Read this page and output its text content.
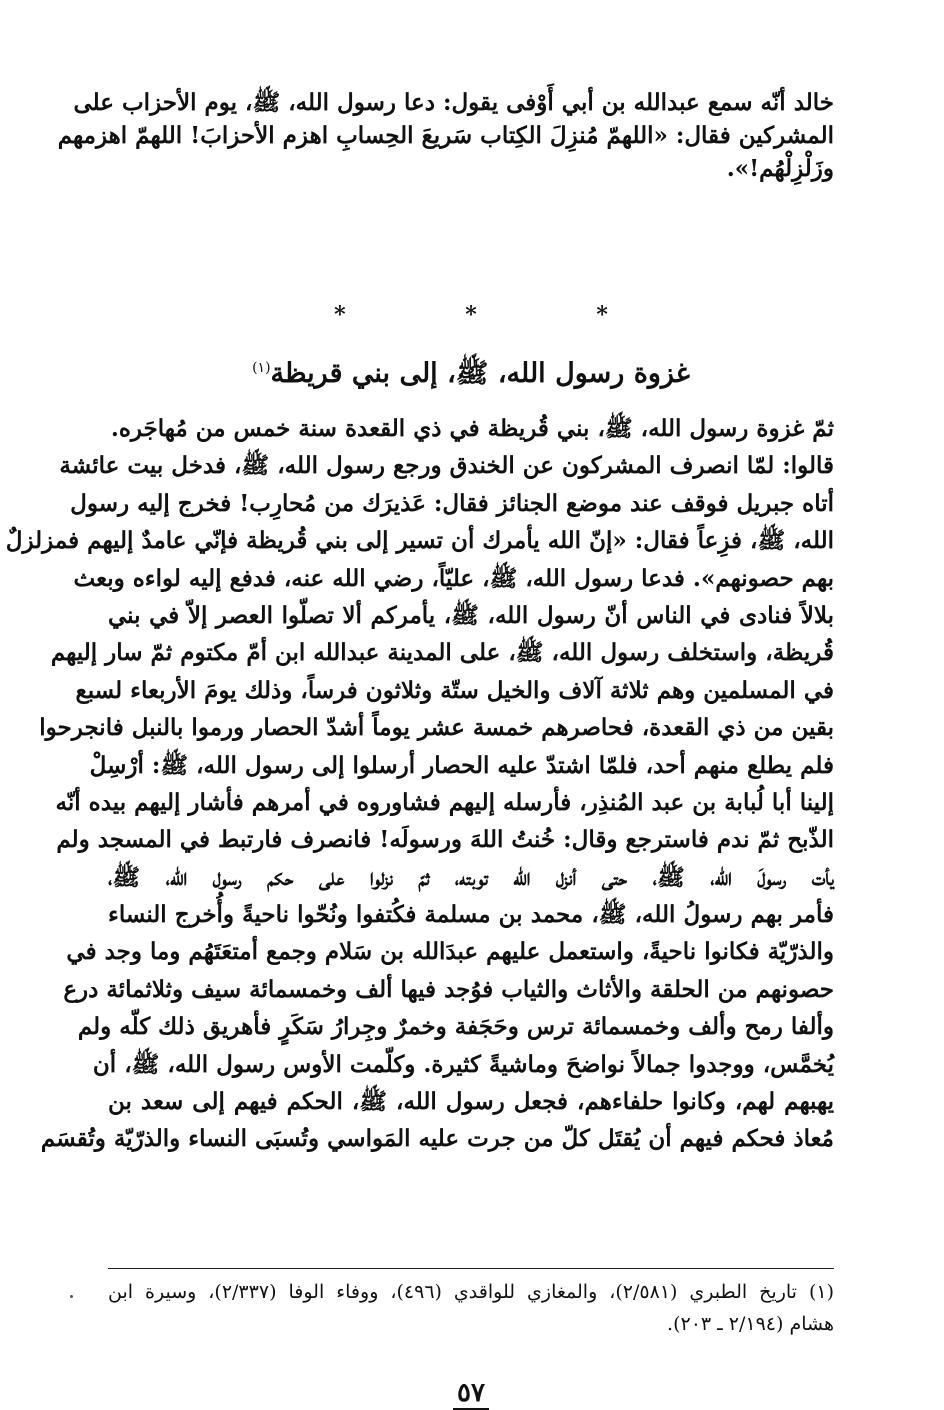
خالد أنّه سمع عبدالله بن أبي أَوْفى يقول: دعا رسول الله، ﷺ، يوم الأحزاب على
المشركين فقال: «اللهمّ مُنزِلَ الكِتاب سَريعَ الحِسابِ اهزم الأحزابَ! اللهمّ اهزمهم
وزَلْزِلْهُم!».
* * *
غزوة رسول الله، ﷺ، إلى بني قريظة$^{(١)}$
ثمّ غزوة رسول الله، ﷺ، بني قُريظة في ذي القعدة سنة خمس من مُهاجَره.
قالوا: لمّا انصرف المشركون عن الخندق ورجع رسول الله، ﷺ، فدخل بيت عائشة
أتاه جبريل فوقف عند موضع الجنائز فقال: عَذيرَك من مُحارِب! فخرج إليه رسول
الله، ﷺ، فزِعاً فقال: «إنّ الله يأمرك أن تسير إلى بني قُريظة فإنّي عامدٌ إليهم فمزلزلٌ
بهم حصونهم». فدعا رسول الله، ﷺ، عليّاً، رضي الله عنه، فدفع إليه لواءه وبعث
بلالاً فنادى في الناس أنّ رسول الله، ﷺ، يأمركم ألا تصلّوا العصر إلاّ في بني
قُريظة، واستخلف رسول الله، ﷺ، على المدينة عبدالله ابن أمّ مكتوم ثمّ سار إليهم
في المسلمين وهم ثلاثة آلاف والخيل ستّة وثلاثون فرساً، وذلك يومَ الأربعاء لسبع
بقين من ذي القعدة، فحاصرهم خمسة عشر يوماً أشدّ الحصار ورموا بالنبل فانجرحوا
فلم يطلع منهم أحد، فلمّا اشتدّ عليه الحصار أرسلوا إلى رسول الله، ﷺ: أرْسِلْ
إلينا أبا لُبابة بن عبد المُنذِر، فأرسله إليهم فشاوروه في أمرهم فأشار إليهم بيده أنّه
الذّبح ثمّ ندم فاسترجع وقال: خُنتُ اللهَ ورسولَه! فانصرف فارتبط في المسجد ولم
يأت رسولَ الله، ﷺ، حتى أنزل الله توبته، ثمّ نزلوا على حكم رسول الله، ﷺ،
فأمر بهم رسولُ الله، ﷺ، محمد بن مسلمة فكُتفوا ونُحّوا ناحيةً وأُخرج النساء
والذرّيّة فكانوا ناحيةً، واستعمل عليهم عبدَالله بن سَلام وجمع أمتعَتَهُم وما وجد في
حصونهم من الحلقة والأثاث والثياب فوُجد فيها ألف وخمسمائة سيف وثلاثمائة درع
وألفا رمح وألف وخمسمائة ترس وحَجَفة وخمرٌ وجِرارُ سَكَرٍ فأهريق ذلك كلّه ولم
يُخمَّس، ووجدوا جمالاً نواضحَ وماشيةً كثيرة. وكلّمت الأوس رسول الله، ﷺ، أن
يهبهم لهم، وكانوا حلفاءهم، فجعل رسول الله، ﷺ، الحكم فيهم إلى سعد بن
مُعاذ فحكم فيهم أن يُقتَل كلّ من جرت عليه المَواسي وتُسبَى النساء والذرّيّة وتُقسَم
(١) تاريخ الطبري (٢/٥٨١)، والمغازي للواقدي (٤٩٦)، ووفاء الوفا (٢/٣٣٧)، وسيرة ابن
هشام (٢/١٩٤ ـ ٢٠٣).
٥٧
